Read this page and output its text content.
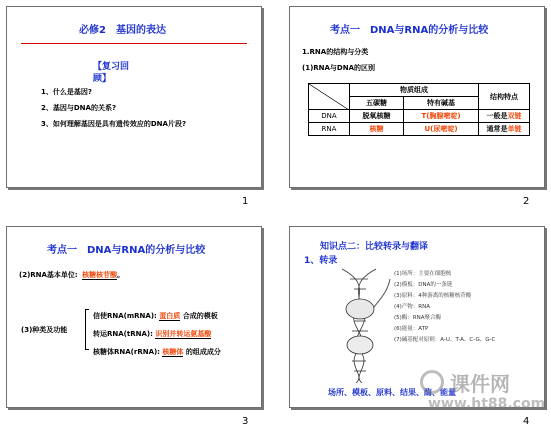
必修2　基因的表达
【复习回顾】
1、什么是基因?
2、基因与DNA的关系?
3、如何理解基因是具有遗传效应的DNA片段?
1
考点一　DNA与RNA的分析与比较
1.RNA的结构与分类
(1)RNA与DNA的区别
	物质组成		结构特点
	五碳糖	特有碱基	
DNA	脱氧核糖	T(胸腺嘧啶)	一般是双链
RNA	核糖	U(尿嘧啶)	通常是单链
2
考点一　DNA与RNA的分析与比较
(2)RNA基本单位: 核糖核苷酸。
(3)种类及功能
信使RNA(mRNA): 蛋白质 合成的模板
转运RNA(tRNA): 识别并转运氨基酸
核糖体RNA(rRNA): 核糖体 的组成成分
3
知识点二：比较转录与翻译
1、转录
(1)场所：主要在细胞核
(2)模板：DNA的一条链
(3)原料：4种游离的核糖核苷酸
(4)产物：RNA
(5)酶：RNA聚合酶
(6)能量：ATP
(7)碱基配对原则：A-U、T-A、C-G、G-C
场所、模板、原料、结果、酶、能量
4
课件网
www.ht88.com
